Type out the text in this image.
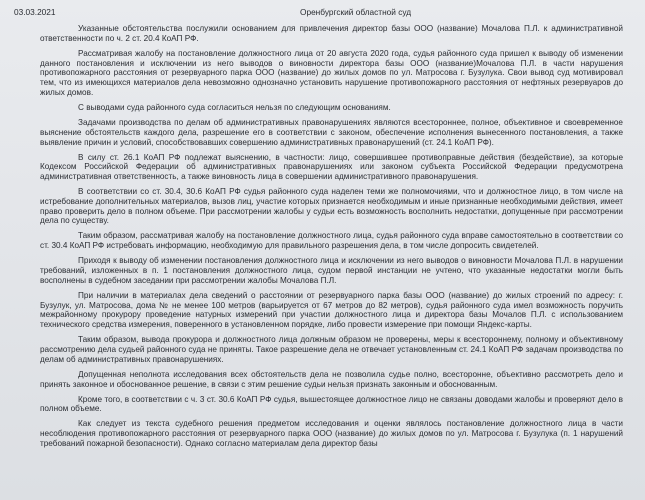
03.03.2021	Оренбургский областной суд

Указанные обстоятельства послужили основанием для привлечения директор базы ООО (название) Мочалова П.Л. к административной ответственности по ч. 2 ст. 20.4 КоАП РФ.

Рассматривая жалобу на постановление должностного лица от 20 августа 2020 года, судья районного суда пришел к выводу об изменении данного постановления и исключении из него выводов о виновности директора базы ООО (название)Мочалова П.Л. в части нарушения противопожарного расстояния от резервуарного парка ООО (название) до жилых домов по ул. Матросова г. Бузулука. Свои вывод суд мотивировал тем, что из имеющихся материалов дела невозможно однозначно установить нарушение противопожарного расстояния от нефтяных резервуаров до жилых домов.

С выводами суда районного суда согласиться нельзя по следующим основаниям.

Задачами производства по делам об административных правонарушениях являются всестороннее, полное, объективное и своевременное выяснение обстоятельств каждого дела, разрешение его в соответствии с законом, обеспечение исполнения вынесенного постановления, а также выявление причин и условий, способствовавших совершению административных правонарушений (ст. 24.1 КоАП РФ).

В силу ст. 26.1 КоАП РФ подлежат выяснению, в частности: лицо, совершившее противоправные действия (бездействие), за которые Кодексом Российской Федерации об административных правонарушениях или законом субъекта Российской Федерации предусмотрена административная ответственность, а также виновность лица в совершении административного правонарушения.

В соответствии со ст. 30.4, 30.6 КоАП РФ судья районного суда наделен теми же полномочиями, что и должностное лицо, в том числе на истребование дополнительных материалов, вызов лиц, участие которых признается необходимым и иные признанные необходимыми действия, имеет право проверить дело в полном объеме. При рассмотрении жалобы у судьи есть возможность восполнить недостатки, допущенные при рассмотрении дела по существу.

Таким образом, рассматривая жалобу на постановление должностного лица, судья районного суда вправе самостоятельно в соответствии со ст. 30.4 КоАП РФ истребовать информацию, необходимую для правильного разрешения дела, в том числе допросить свидетелей.

Приходя к выводу об изменении постановления должностного лица и исключении из него выводов о виновности Мочалова П.Л. в нарушении требований, изложенных в п. 1 постановления должностного лица, судом первой инстанции не учтено, что указанные недостатки могли быть восполнены в судебном заседании при рассмотрении жалобы Мочалова П.Л.

При наличии в материалах дела сведений о расстоянии от резервуарного парка базы ООО (название) до жилых строений по адресу: г. Бузулук, ул. Матросова, дома № не менее 100 метров (варьируется от 67 метров до 82 метров), судья районного суда имел возможность поручить межрайонному прокурору проведение натурных измерений при участии должностного лица и директора базы Мочалов П.Л. с использованием технического средства измерения, поверенного в установленном порядке, либо провести измерение при помощи Яндекс-карты.

Таким образом, вывода прокурора и должностного лица должным образом не проверены, меры к всестороннему, полному и объективному рассмотрению дела судьей районного суда не приняты. Такое разрешение дела не отвечает установленным ст. 24.1 КоАП РФ задачам производства по делам об административных правонарушениях.

Допущенная неполнота исследования всех обстоятельств дела не позволила судье полно, всесторонне, объективно рассмотреть дело и принять законное и обоснованное решение, в связи с этим решение судьи нельзя признать законным и обоснованным.

Кроме того, в соответствии с ч. 3 ст. 30.6 КоАП РФ судья, вышестоящее должностное лицо не связаны доводами жалобы и проверяют дело в полном объеме.

Как следует из текста судебного решения предметом исследования и оценки являлось постановление должностного лица в части несоблюдения противопожарного расстояния от резервуарного парка ООО (название) до жилых домов по ул. Матросова г. Бузулука (п. 1 нарушений требований пожарной безопасности). Однако согласно материалам дела директор базы
